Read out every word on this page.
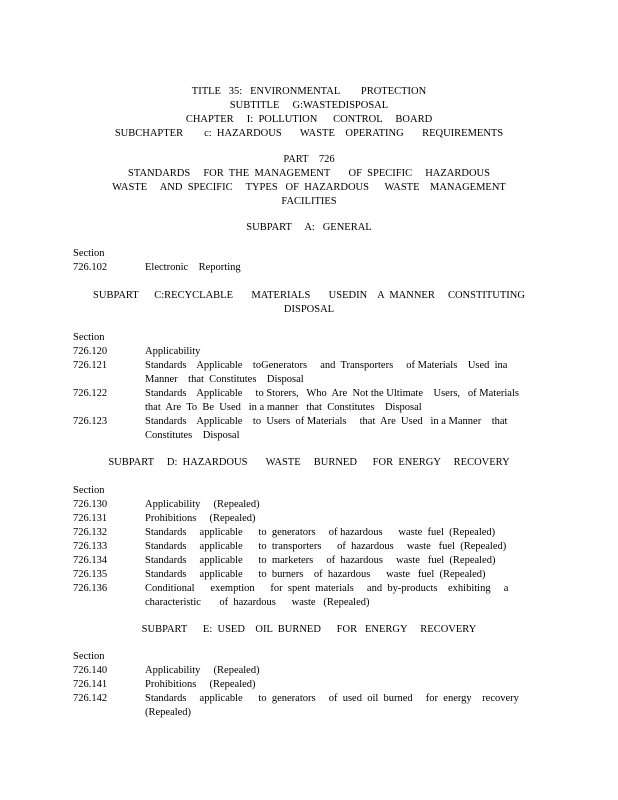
TITLE   35:   ENVIRONMENTAL        PROTECTION
SUBTITLE     G:WASTEDISPOSAL
CHAPTER     I:  POLLUTION      CONTROL     BOARD
SUBCHAPTER        c:  HAZARDOUS       WASTE    OPERATING       REQUIREMENTS
PART    726
STANDARDS     FOR  THE  MANAGEMENT       OF  SPECIFIC     HAZARDOUS
WASTE     AND  SPECIFIC     TYPES   OF  HAZARDOUS      WASTE    MANAGEMENT
FACILITIES
SUBPART     A:   GENERAL
Section
726.102	Electronic    Reporting
SUBPART      C:RECYCLABLE       MATERIALS       USEDIN    A  MANNER     CONSTITUTING
DISPOSAL
Section
726.120	Applicability
726.121	Standards    Applicable    toGenerators     and  Transporters     of Materials    Used  ina
Manner    that  Constitutes    Disposal
726.122	Standards    Applicable     to Storers,   Who  Are  Not the Ultimate    Users,   of Materials
that  Are  To  Be  Used   in a manner   that  Constitutes    Disposal
726.123	Standards    Applicable    to  Users  of Materials     that  Are  Used   in a Manner    that
Constitutes    Disposal
SUBPART     D:  HAZARDOUS       WASTE     BURNED      FOR  ENERGY     RECOVERY
Section
726.130	Applicability     (Repealed)
726.131	Prohibitions     (Repealed)
726.132	Standards     applicable      to  generators     of hazardous      waste  fuel  (Repealed)
726.133	Standards     applicable      to  transporters      of  hazardous     waste   fuel  (Repealed)
726.134	Standards     applicable      to  marketers     of  hazardous     waste   fuel  (Repealed)
726.135	Standards     applicable      to  burners    of  hazardous      waste   fuel  (Repealed)
726.136	Conditional      exemption      for  spent  materials     and  by-products    exhibiting     a
characteristic       of  hazardous      waste   (Repealed)
SUBPART      E:  USED    OIL  BURNED      FOR   ENERGY     RECOVERY
Section
726.140	Applicability     (Repealed)
726.141	Prohibitions     (Repealed)
726.142	Standards     applicable      to  generators     of  used  oil  burned     for  energy    recovery
(Repealed)
